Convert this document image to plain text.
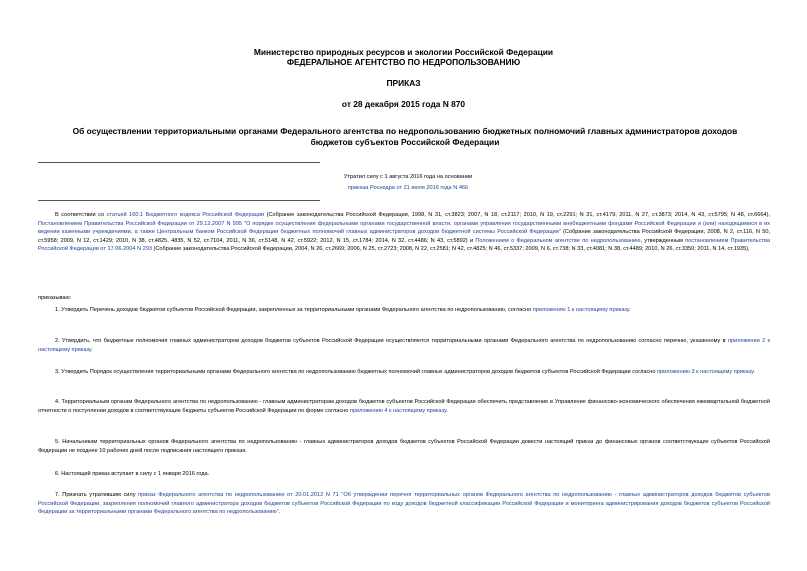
Министерство природных ресурсов и экологии Российской Федерации
ФЕДЕРАЛЬНОЕ АГЕНТСТВО ПО НЕДРОПОЛЬЗОВАНИЮ
ПРИКАЗ
от 28 декабря 2015 года N 870
Об осуществлении территориальными органами Федерального агентства по недропользованию бюджетных полномочий главных администраторов доходов бюджетов субъектов Российской Федерации
Утратил силу с 1 августа 2016 года на основании
приказа Роснедра от 21 июля 2016 года N 466
В соответствии со статьей 160.1 Бюджетного кодекса Российской Федерации (Собрание законодательства Российской Федерации, 1998, N 31, ст.3823; 2007, N 18, ст.2117; 2010, N 19, ст.2291; N 31, ст.4179; 2011, N 27, ст.3873; 2014, N 43, ст.5795; N 48, ст.6664), Постановлением Правительства Российской Федерации от 29.12.2007 N 995 "О порядке осуществления федеральными органами государственной власти, органами управления государственными внебюджетными фондами Российской Федерации и (или) находящимися в их ведении казенными учреждениями, а также Центральным банком Российской Федерации бюджетных полномочий главных администраторов доходов бюджетной системы Российской Федерации" (Собрание законодательства Российской Федерации, 2008, N 2, ст.116, N 50, ст.5958; 2009, N 12, ст.1429; 2010, N 38, ст.4825, 4835, N 52, ст.7104, 2011, N 36, ст.5148, N 42, ст.5922; 2012, N 15, ст.1784; 2014, N 32, ст.4486; N 43, ст.5892) и Положением о Федеральном агентстве по недропользованию, утвержденным постановлением Правительства Российской Федерации от 17.06.2004 N 293 (Собрание законодательства Российской Федерации, 2004, N 26, ст.2669; 2006, N 25, ст.2723; 2008, N 22, ст.2581; N 42, ст.4825; N 46, ст.5337; 2009, N 6, ст.738; N 33, ст.4081; N 38, ст.4489; 2010, N 26, ст.3350; 2011, N 14, ст.1935),
приказываю:
1. Утвердить Перечень доходов бюджетов субъектов Российской Федерации, закрепленных за территориальными органами Федерального агентства по недропользованию, согласно приложению 1 к настоящему приказу.
2. Утвердить, что бюджетные полномочия главных администраторов доходов бюджетов субъектов Российской Федерации осуществляются территориальными органами Федерального агентства по недропользованию согласно перечню, указанному в приложении 2 к настоящему приказу.
3. Утвердить Порядок осуществления территориальными органами Федерального агентства по недропользованию бюджетных полномочий главных администраторов доходов бюджетов субъектов Российской Федерации согласно приложению 3 к настоящему приказу.
4. Территориальным органам Федерального агентства по недропользованию - главным администраторам доходов бюджетов субъектов Российской Федерации обеспечить представление в Управление финансово-экономического обеспечения ежеквартальной бюджетной отчетности о поступлении доходов в соответствующие бюджеты субъектов Российской Федерации по форме согласно приложению 4 к настоящему приказу.
5. Начальникам территориальных органов Федерального агентства по недропользованию - главных администраторов доходов бюджетов субъектов Российской Федерации довести настоящий приказ до финансовых органов соответствующих субъектов Российской Федерации не позднее 10 рабочих дней после подписания настоящего приказа.
6. Настоящий приказ вступает в силу с 1 января 2016 года.
7. Признать утратившим силу приказ Федерального агентства по недропользованию от 20.01.2012 N 71 "Об утверждении перечня территориальных органов Федерального агентства по недропользованию - главных администраторов доходов бюджетов субъектов Российской Федерации, закрепления полномочий главного администратора доходов бюджетов субъектов Российской Федерации по коду доходов бюджетной классификации Российской Федерации и мониторинга администрирования доходов бюджетов субъектов Российской Федерации за территориальными органами Федерального агентства по недропользованию".
